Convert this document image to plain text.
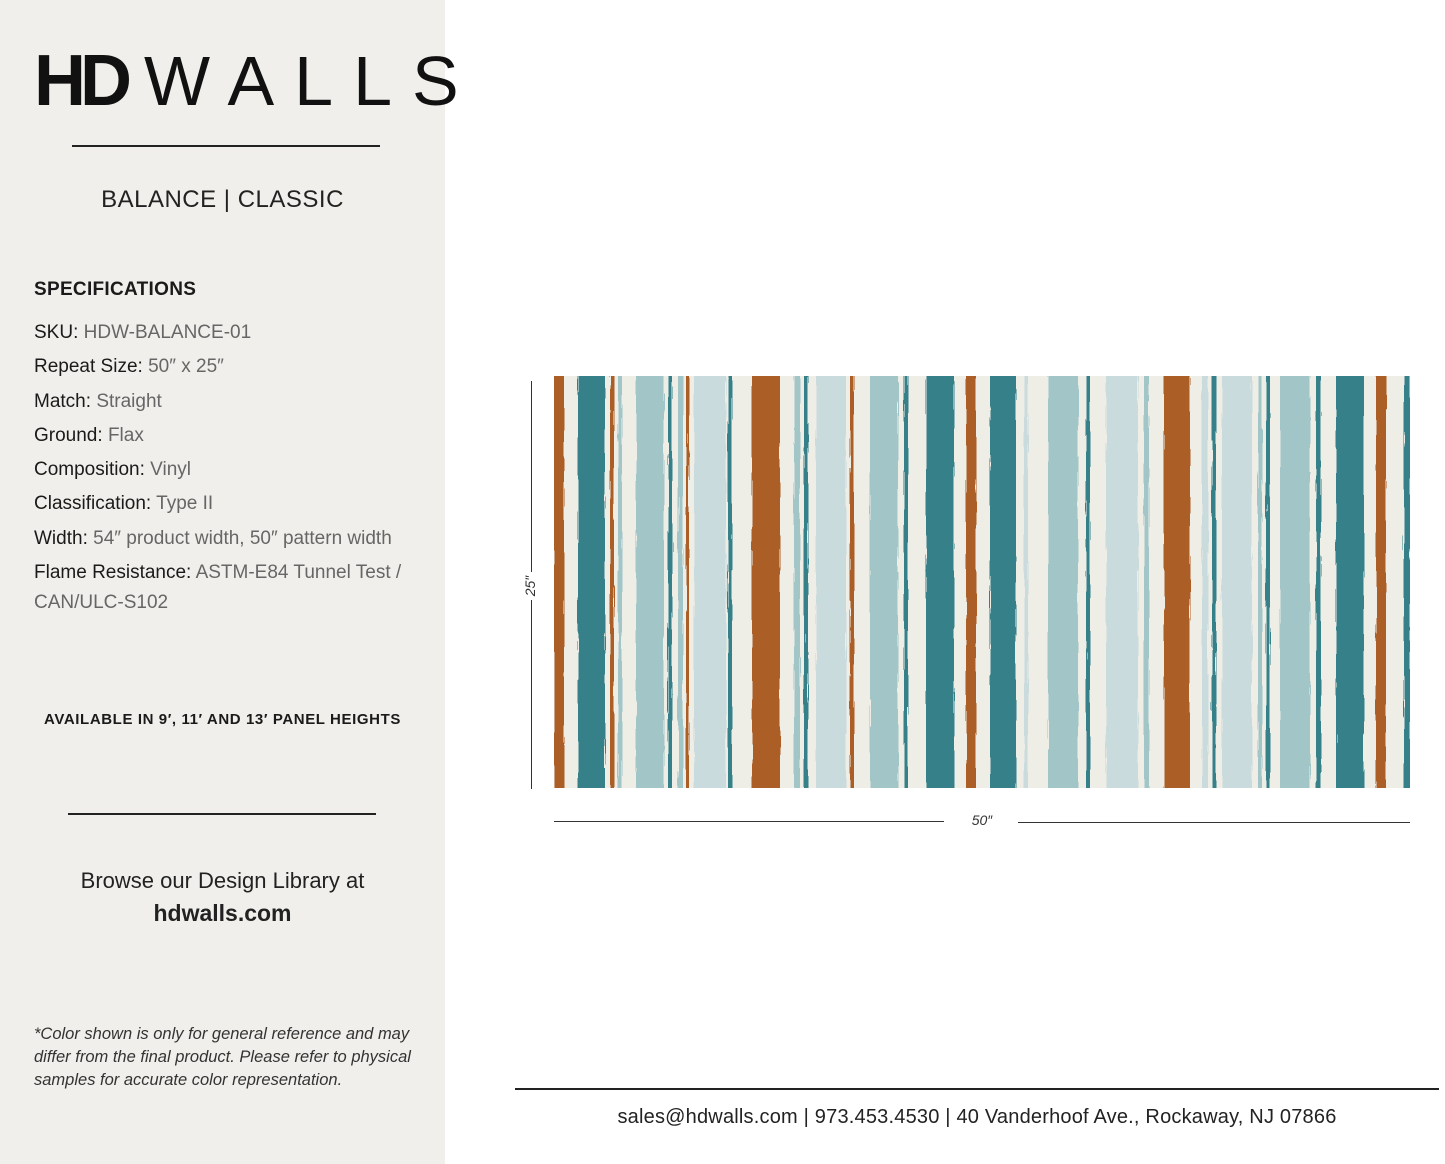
HD WALLS
BALANCE | CLASSIC
SPECIFICATIONS
SKU: HDW-BALANCE-01
Repeat Size: 50″ x 25″
Match: Straight
Ground: Flax
Composition: Vinyl
Classification: Type II
Width: 54″ product width, 50″ pattern width
Flame Resistance: ASTM-E84 Tunnel Test / CAN/ULC-S102
AVAILABLE IN 9′, 11′ AND 13′ PANEL HEIGHTS
Browse our Design Library at
hdwalls.com
*Color shown is only for general reference and may differ from the final product. Please refer to physical samples for accurate color representation.
25″
50″
sales@hdwalls.com | 973.453.4530 | 40 Vanderhoof Ave., Rockaway, NJ 07866
